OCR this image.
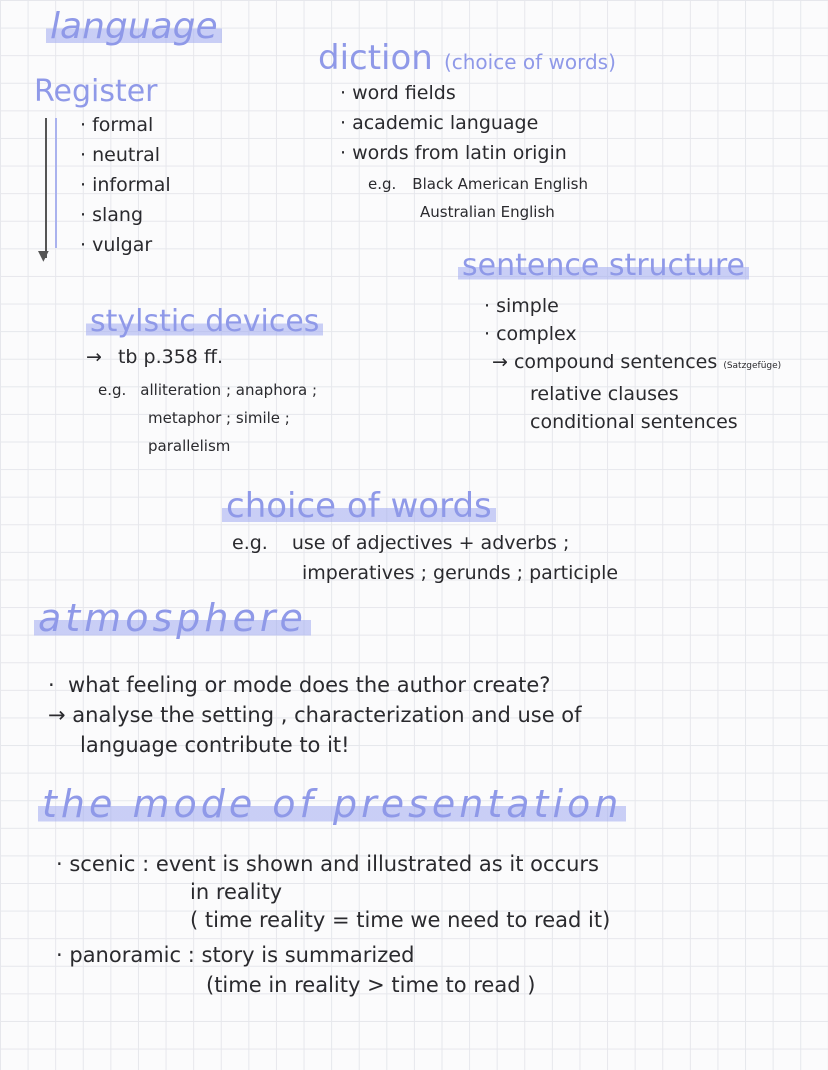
language
Register
▼
· formal
· neutral
· informal
· slang
· vulgar
diction (choice of words)
· word fields
· academic language
· words from latin origin
e.g. Black American English
Australian English
sentence structure
· simple
· complex
→ compound sentences (Satzgefüge)
relative clauses
conditional sentences
stylstic devices
→ tb p.358 ff.
e.g. alliteration ; anaphora ;
metaphor ; simile ;
parallelism
choice of words
e.g. use of adjectives + adverbs ;
imperatives ; gerunds ; participle
atmosphere
·  what feeling or mode does the author create?
→ analyse the setting , characterization and use of
language contribute to it!
the mode of presentation
· scenic : event is shown and illustrated as it occurs
in reality
( time reality = time we need to read it)
· panoramic : story is summarized
(time in reality > time to read )
